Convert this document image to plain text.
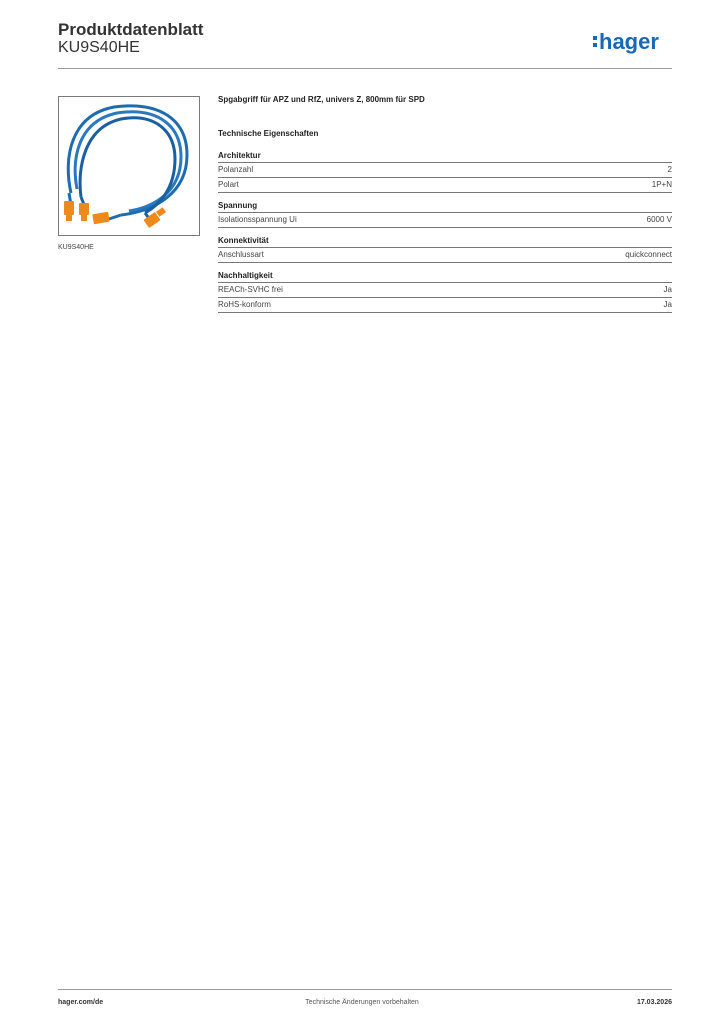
Produktdatenblatt
KU9S40HE	hager
KU9S40HE
Spgabgriff für APZ und RfZ, univers Z, 800mm für SPD
Technische Eigenschaften
Architektur
Polanzahl	2
Polart	1P+N
Spannung
Isolationsspannung Ui	6000 V
Konnektivität
Anschlussart	quickconnect
Nachhaltigkeit
REACh-SVHC frei	Ja
RoHS-konform	Ja
hager.com/de	Technische Änderungen vorbehalten	17.03.2026
